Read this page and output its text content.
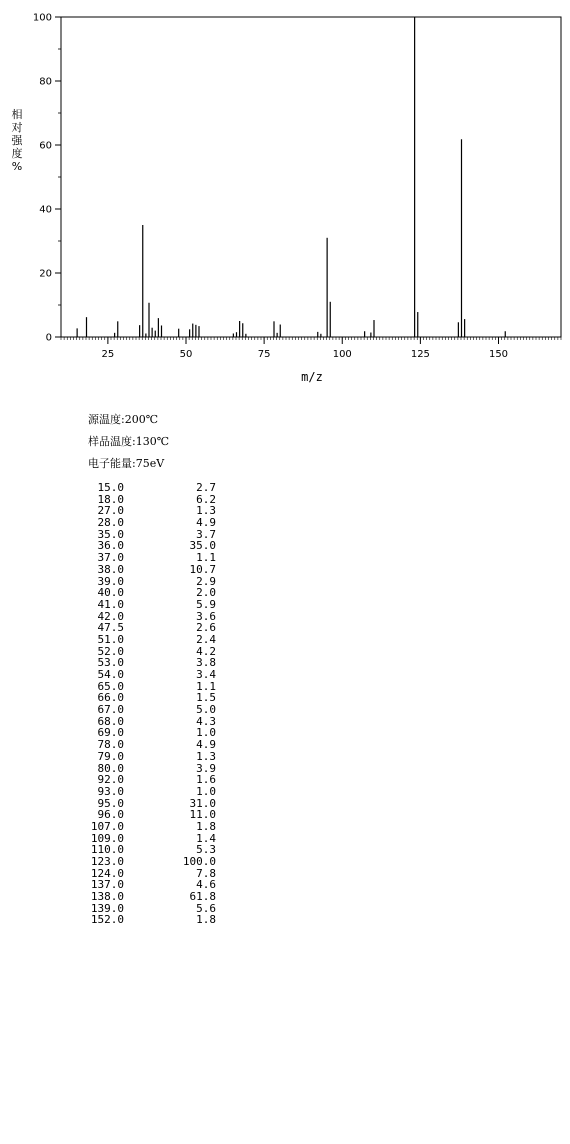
25	50	75	100	125	150
0
20
40
60
80
100
m/z
相
对
强
度
%
源温度:200℃
样品温度:130℃
电子能量:75eV
15.0	2.7
18.0	6.2
27.0	1.3
28.0	4.9
35.0	3.7
36.0	35.0
37.0	1.1
38.0	10.7
39.0	2.9
40.0	2.0
41.0	5.9
42.0	3.6
47.5	2.6
51.0	2.4
52.0	4.2
53.0	3.8
54.0	3.4
65.0	1.1
66.0	1.5
67.0	5.0
68.0	4.3
69.0	1.0
78.0	4.9
79.0	1.3
80.0	3.9
92.0	1.6
93.0	1.0
95.0	31.0
96.0	11.0
107.0	1.8
109.0	1.4
110.0	5.3
123.0	100.0
124.0	7.8
137.0	4.6
138.0	61.8
139.0	5.6
152.0	1.8
